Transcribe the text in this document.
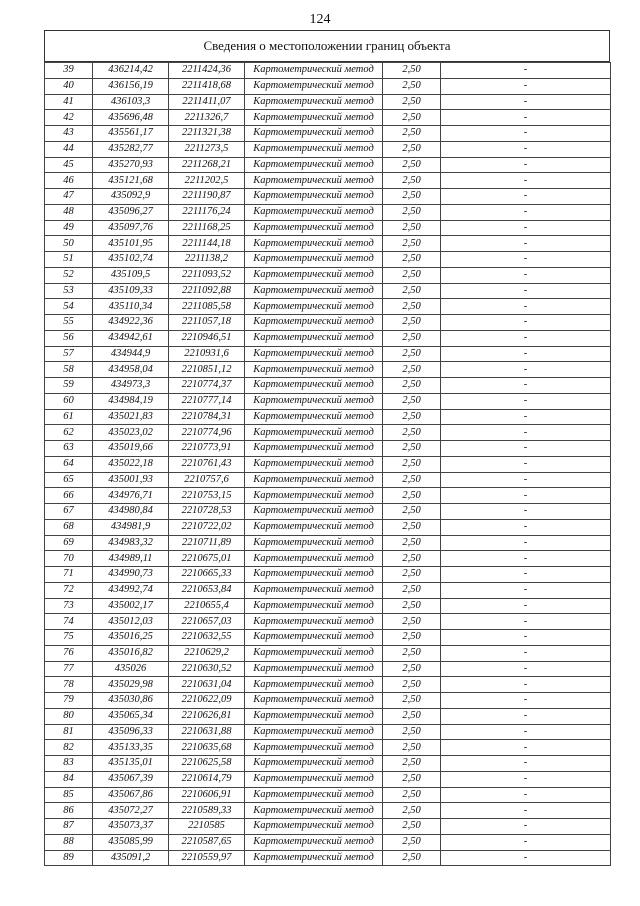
124
Сведения о местоположении границ объекта
39	436214,42	2211424,36	Картометрический метод	2,50	-
40	436156,19	2211418,68	Картометрический метод	2,50	-
41	436103,3	2211411,07	Картометрический метод	2,50	-
42	435696,48	2211326,7	Картометрический метод	2,50	-
43	435561,17	2211321,38	Картометрический метод	2,50	-
44	435282,77	2211273,5	Картометрический метод	2,50	-
45	435270,93	2211268,21	Картометрический метод	2,50	-
46	435121,68	2211202,5	Картометрический метод	2,50	-
47	435092,9	2211190,87	Картометрический метод	2,50	-
48	435096,27	2211176,24	Картометрический метод	2,50	-
49	435097,76	2211168,25	Картометрический метод	2,50	-
50	435101,95	2211144,18	Картометрический метод	2,50	-
51	435102,74	2211138,2	Картометрический метод	2,50	-
52	435109,5	2211093,52	Картометрический метод	2,50	-
53	435109,33	2211092,88	Картометрический метод	2,50	-
54	435110,34	2211085,58	Картометрический метод	2,50	-
55	434922,36	2211057,18	Картометрический метод	2,50	-
56	434942,61	2210946,51	Картометрический метод	2,50	-
57	434944,9	2210931,6	Картометрический метод	2,50	-
58	434958,04	2210851,12	Картометрический метод	2,50	-
59	434973,3	2210774,37	Картометрический метод	2,50	-
60	434984,19	2210777,14	Картометрический метод	2,50	-
61	435021,83	2210784,31	Картометрический метод	2,50	-
62	435023,02	2210774,96	Картометрический метод	2,50	-
63	435019,66	2210773,91	Картометрический метод	2,50	-
64	435022,18	2210761,43	Картометрический метод	2,50	-
65	435001,93	2210757,6	Картометрический метод	2,50	-
66	434976,71	2210753,15	Картометрический метод	2,50	-
67	434980,84	2210728,53	Картометрический метод	2,50	-
68	434981,9	2210722,02	Картометрический метод	2,50	-
69	434983,32	2210711,89	Картометрический метод	2,50	-
70	434989,11	2210675,01	Картометрический метод	2,50	-
71	434990,73	2210665,33	Картометрический метод	2,50	-
72	434992,74	2210653,84	Картометрический метод	2,50	-
73	435002,17	2210655,4	Картометрический метод	2,50	-
74	435012,03	2210657,03	Картометрический метод	2,50	-
75	435016,25	2210632,55	Картометрический метод	2,50	-
76	435016,82	2210629,2	Картометрический метод	2,50	-
77	435026	2210630,52	Картометрический метод	2,50	-
78	435029,98	2210631,04	Картометрический метод	2,50	-
79	435030,86	2210622,09	Картометрический метод	2,50	-
80	435065,34	2210626,81	Картометрический метод	2,50	-
81	435096,33	2210631,88	Картометрический метод	2,50	-
82	435133,35	2210635,68	Картометрический метод	2,50	-
83	435135,01	2210625,58	Картометрический метод	2,50	-
84	435067,39	2210614,79	Картометрический метод	2,50	-
85	435067,86	2210606,91	Картометрический метод	2,50	-
86	435072,27	2210589,33	Картометрический метод	2,50	-
87	435073,37	2210585	Картометрический метод	2,50	-
88	435085,99	2210587,65	Картометрический метод	2,50	-
89	435091,2	2210559,97	Картометрический метод	2,50	-
